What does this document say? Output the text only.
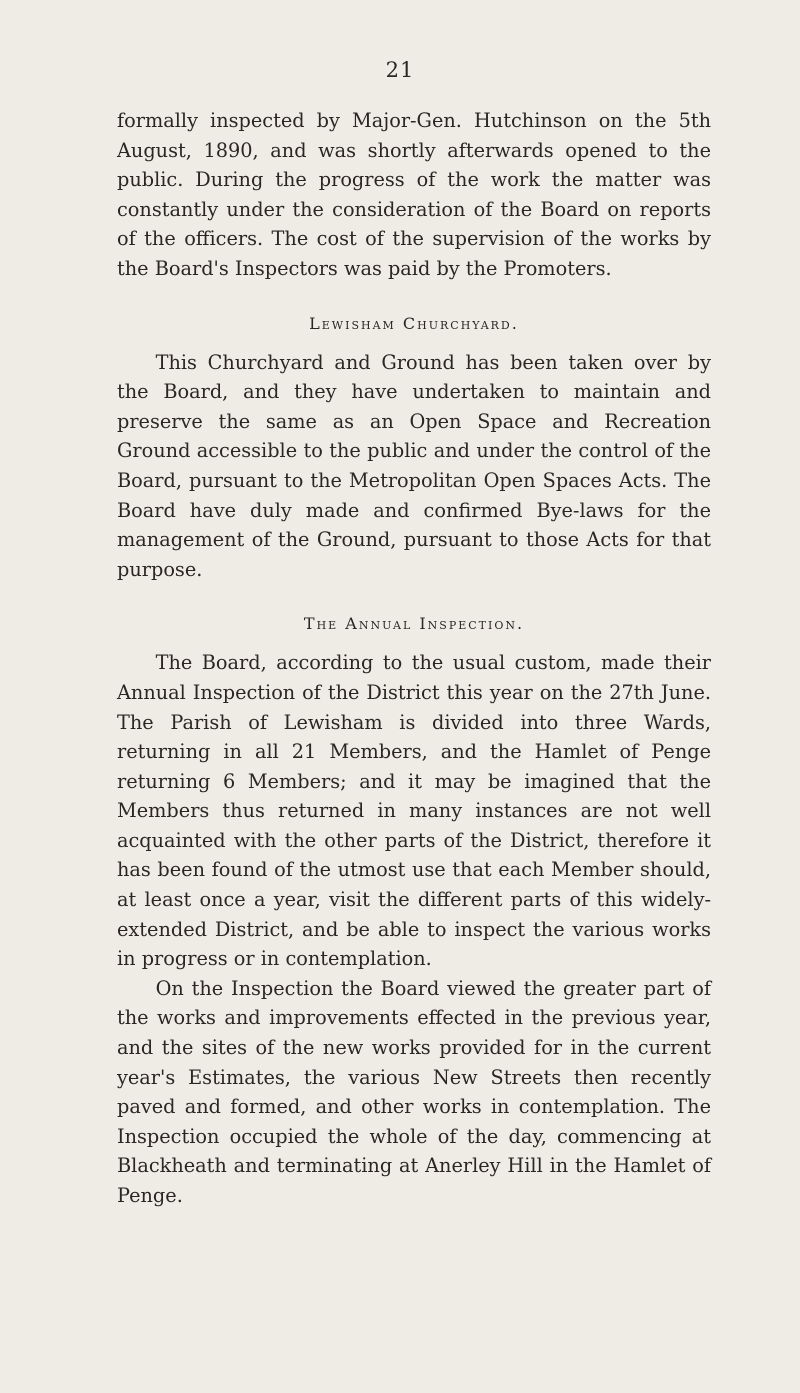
21

formally inspected by Major-Gen. Hutchinson on the 5th August, 1890, and was shortly afterwards opened to the public. During the progress of the work the matter was constantly under the consideration of the Board on reports of the officers. The cost of the supervision of the works by the Board's Inspectors was paid by the Promoters.

Lewisham Churchyard.

This Churchyard and Ground has been taken over by the Board, and they have undertaken to maintain and preserve the same as an Open Space and Recreation Ground accessible to the public and under the control of the Board, pursuant to the Metropolitan Open Spaces Acts. The Board have duly made and confirmed Bye-laws for the management of the Ground, pursuant to those Acts for that purpose.

The Annual Inspection.

The Board, according to the usual custom, made their Annual Inspection of the District this year on the 27th June. The Parish of Lewisham is divided into three Wards, returning in all 21 Members, and the Hamlet of Penge returning 6 Members; and it may be imagined that the Members thus returned in many instances are not well acquainted with the other parts of the District, therefore it has been found of the utmost use that each Member should, at least once a year, visit the different parts of this widely-extended District, and be able to inspect the various works in progress or in contemplation.

On the Inspection the Board viewed the greater part of the works and improvements effected in the previous year, and the sites of the new works provided for in the current year's Estimates, the various New Streets then recently paved and formed, and other works in contemplation. The Inspection occupied the whole of the day, commencing at Blackheath and terminating at Anerley Hill in the Hamlet of Penge.
